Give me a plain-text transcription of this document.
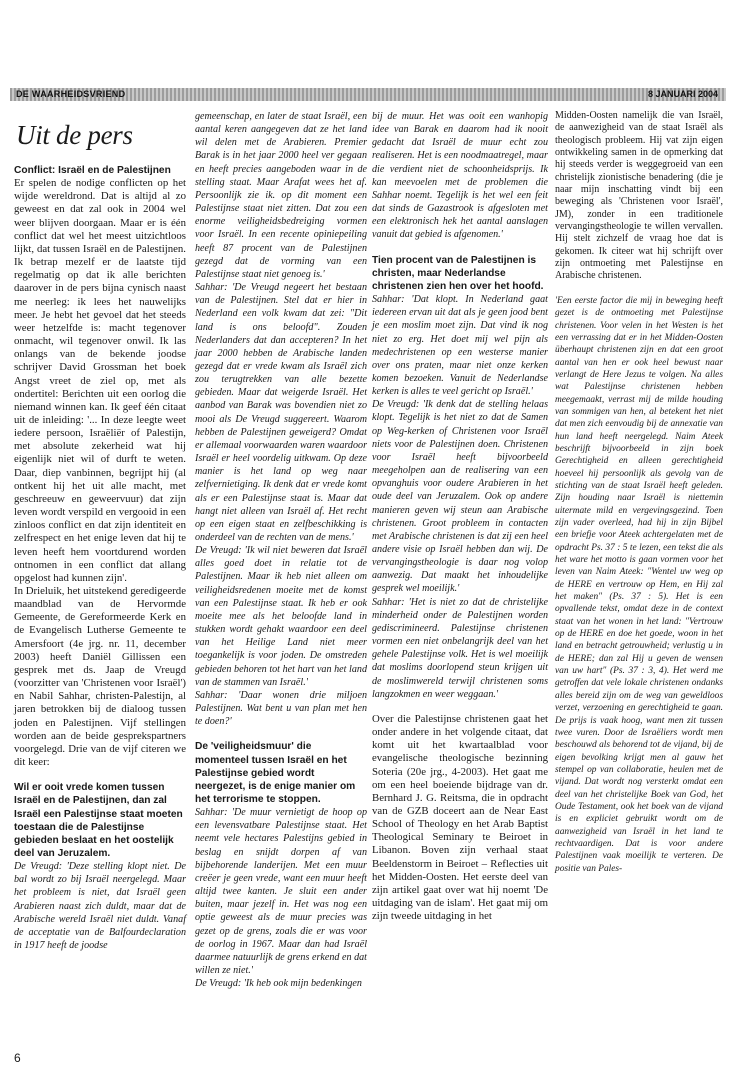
DE WAARHEIDSVRIEND	8 JANUARI 2004
Uit de pers
Conflict: Israël en de Palestijnen

Er spelen de nodige conflicten op het wijde wereldrond. Dat is altijd al zo geweest en dat zal ook in 2004 wel weer blijven doorgaan. Maar er is één conflict dat wel het meest uitzichtloos lijkt, dat tussen Israël en de Palestijnen. Ik betrap mezelf er de laatste tijd regelmatig op dat ik alle berichten daarover in de pers bijna cynisch naast me neerleg: ik lees het nauwelijks meer. Je hebt het gevoel dat het steeds weer hetzelfde is: macht tegenover onmacht, wil tegenover onwil. Ik las onlangs van de bekende joodse schrijver David Grossman het boek Angst vreet de ziel op, met als ondertitel: Berichten uit een oorlog die niemand winnen kan. Ik geef één citaat uit de inleiding: '... In deze leegte weet iedere persoon, Israëliër of Palestijn, met absolute zekerheid wat hij eigenlijk niet wil of durft te weten. Daar, diep vanbinnen, begrijpt hij (al ontkent hij het uit alle macht, met geschreeuw en geweervuur) dat zijn leven wordt verspild en vergooid in een zinloos conflict en dat zijn identiteit en zelfrespect en het enige leven dat hij te leven heeft hem voortdurend worden ontnomen in een conflict dat allang opgelost had kunnen zijn'.

In Drieluik, het uitstekend geredigeerde maandblad van de Hervormde Gemeente, de Gereformeerde Kerk en de Evangelisch Lutherse Gemeente te Amersfoort (4e jrg. nr. 11, december 2003) heeft Daniël Gillissen een gesprek met ds. Jaap de Vreugd (voorzitter van 'Christenen voor Israël') en Nabil Sahhar, christen-Palestijn, al jaren betrokken bij de dialoog tussen joden en Palestijnen. Vijf stellingen worden aan de beide gesprekspartners voorgelegd. Drie van de vijf citeren we dit keer:

Wil er ooit vrede komen tussen Israël en de Palestijnen, dan zal Israël een Palestijnse staat moeten toestaan die de Palestijnse gebieden beslaat en het oostelijk deel van Jeruzalem.

De Vreugd: 'Deze stelling klopt niet. De bal wordt zo bij Israël neergelegd. Maar het probleem is niet, dat Israël geen Arabieren naast zich duldt, maar dat de Arabische wereld Israël niet duldt. Vanaf de acceptatie van de Balfourdeclaration in 1917 heeft de joodse

gemeenschap, en later de staat Israël, een aantal keren aangegeven dat ze het land wil delen met de Arabieren. Premier Barak is in het jaar 2000 heel ver gegaan en heeft precies aangeboden waar in de stelling staat. Maar Arafat wees het af. Persoonlijk zie ik. op dit moment een Palestijnse staat niet zitten. Dat zou een enorme veiligheidsbedreiging vormen voor Israël. In een recente opiniepeiling heeft 87 procent van de Palestijnen gezegd dat de vorming van een Palestijnse staat niet genoeg is.'

Sahhar: 'De Vreugd negeert het bestaan van de Palestijnen. Stel dat er hier in Nederland een volk kwam dat zei: "Dit land is ons beloofd". Zouden Nederlanders dat dan accepteren? In het jaar 2000 hebben de Arabische landen gezegd dat er vrede kwam als Israël zich zou terugtrekken van alle bezette gebieden. Maar dat weigerde Israël. Het aanbod van Barak was bovendien niet zo mooi als De Vreugd suggereert. Waarom hebben de Palestijnen geweigerd? Omdat er allemaal voorwaarden waren waardoor Israël er heel voordelig uitkwam. Op deze manier is het land op weg naar zelfvernietiging. Ik denk dat er vrede komt als er een Palestijnse staat is. Maar dat hangt niet alleen van Israël af. Het recht op een eigen staat en zelfbeschikking is onderdeel van de rechten van de mens.'

De Vreugd: 'Ik wil niet beweren dat Israël alles goed doet in relatie tot de Palestijnen. Maar ik heb niet alleen om veiligheidsredenen moeite met de komst van een Palestijnse staat. Ik heb er ook moeite mee als het beloofde land in stukken wordt gehakt waardoor een deel van het Heilige Land niet meer toegankelijk is voor joden. De omstreden gebieden behoren tot het hart van het land van de stammen van Israël.'

Sahhar: 'Daar wonen drie miljoen Palestijnen. Wat bent u van plan met hen te doen?'

De 'veiligheidsmuur' die momenteel tussen Israël en het Palestijnse gebied wordt neergezet, is de enige manier om het terrorisme te stoppen.

Sahhar: 'De muur vernietigt de hoop op een levensvatbare Palestijnse staat. Het neemt vele hectares Palestijns gebied in beslag en snijdt dorpen af van bijbehorende landerijen. Met een muur creëer je geen vrede, want een muur heeft altijd twee kanten. Je sluit een ander buiten, maar jezelf in. Het was nog een optie geweest als de muur precies was gezet op de grens, zoals die er was voor de oorlog in 1967. Maar dan had Israël daarmee natuurlijk de grens erkend en dat willen ze niet.'

De Vreugd: 'Ik heb ook mijn bedenkingen

bij de muur. Het was ooit een wanhopig idee van Barak en daarom had ik nooit gedacht dat Israël de muur echt zou realiseren. Het is een noodmaatregel, maar die verdient niet de schoonheidsprijs. Ik kan meevoelen met de problemen die Sahhar noemt. Tegelijk is het wel een feit dat sinds de Gazastrook is afgesloten met een elektronisch hek het aantal aanslagen vanuit dat gebied is afgenomen.'

Tien procent van de Palestijnen is christen, maar Nederlandse christenen zien hen over het hoofd.

Sahhar: 'Dat klopt. In Nederland gaat iedereen ervan uit dat als je geen jood bent je een moslim moet zijn. Dat vind ik nog niet zo erg. Het doet mij wel pijn als medechristenen op een westerse manier over ons praten, maar niet onze kerken komen bezoeken. Vanuit de Nederlandse kerken is alles te veel gericht op Israël.'

De Vreugd: 'Ik denk dat de stelling helaas klopt. Tegelijk is het niet zo dat de Samen op Weg-kerken of Christenen voor Israël niets voor de Palestijnen doen. Christenen voor Israël heeft bijvoorbeeld meegeholpen aan de realisering van een opvanghuis voor oudere Arabieren in het oude deel van Jeruzalem. Ook op andere manieren geven wij steun aan Arabische christenen. Groot probleem in contacten met Arabische christenen is dat zij een heel andere visie op Israël hebben dan wij. De vervangingstheologie is daar nog volop aanwezig. Dat maakt het inhoudelijke gesprek wel moeilijk.'

Sahhar: 'Het is niet zo dat de christelijke minderheid onder de Palestijnen worden gediscrimineerd. Palestijnse christenen vormen een niet onbelangrijk deel van het gehele Palestijnse volk. Het is wel moeilijk dat moslims doorlopend steun krijgen uit de moslimwereld terwijl christenen soms langzokmen en weer weggaan.'

Over die Palestijnse christenen gaat het onder andere in het volgende citaat, dat komt uit het kwartaalblad voor evangelische theologische bezinning Soteria (20e jrg., 4-2003). Het gaat me om een heel boeiende bijdrage van dr. Bernhard J. G. Reitsma, die in opdracht van de GZB doceert aan de Near East School of Theology en het Arab Baptist Theological Seminary te Beiroet in Libanon. Boven zijn verhaal staat Beeldenstorm in Beiroet – Reflecties uit het Midden-Oosten. Het eerste deel van zijn artikel gaat over wat hij noemt 'De uitdaging van de islam'. Het gaat mij om zijn tweede uitdaging in het

Midden-Oosten namelijk die van Israël, de aanwezigheid van de staat Israël als theologisch probleem. Hij vat zijn eigen ontwikkeling samen in de opmerking dat hij steeds verder is weggegroeid van een christelijk zionistische benadering (die je naar mijn inschatting vindt bij een beweging als 'Christenen voor Israël', JM), zonder in een traditionele vervangingstheologie te willen vervallen. Hij stelt zichzelf de vraag hoe dat is gekomen. Ik citeer wat hij schrijft over zijn ontmoeting met Palestijnse en Arabische christenen.

'Een eerste factor die mij in beweging heeft gezet is de ontmoeting met Palestijnse christenen. Voor velen in het Westen is het een verrassing dat er in het Midden-Oosten überhaupt christenen zijn en dat een groot aantal van hen er ook heel bewust naar verlangt de Here Jezus te volgen. Na alles wat Palestijnse christenen hebben meegemaakt, verrast mij de milde houding van sommigen van hen, al betekent het niet dat men zich eenvoudig bij de annexatie van hun land heeft neergelegd. Naim Ateek beschrijft bijvoorbeeld in zijn boek Gerechtigheid en alleen gerechtigheid hoeveel hij persoonlijk als gevolg van de stichting van de staat Israël heeft geleden. Zijn houding naar Israël is niettemin uitermate mild en vergevingsgezind. Toen zijn vader overleed, had hij in zijn Bijbel een briefje voor Ateek achtergelaten met de opdracht Ps. 37 : 5 te lezen, een tekst die als het ware het motto is gaan vormen voor het leven van Naim Ateek: "Wentel uw weg op de HERE en vertrouw op Hem, en Hij zal het maken" (Ps. 37 : 5). Het is een opvallende tekst, omdat deze in de context staat van het wonen in het land: "Vertrouw op de HERE en doe het goede, woon in het land en betracht getrouwheid; verlustig u in de HERE; dan zal Hij u geven de wensen van uw hart" (Ps. 37 : 3, 4). Het werd me getroffen dat vele lokale christenen ondanks alles bereid zijn om de weg van geweldloos verzet, verzoening en gerechtigheid te gaan. De prijs is vaak hoog, want men zit tussen twee vuren. Door de Israëliers wordt men beschouwd als behorend tot de vijand, bij de eigen bevolking krijgt men al gauw het stempel op van collaboratie, heulen met de vijand. Dat wordt nog versterkt omdat een deel van het christelijke Boek van God, het Oude Testament, ook het boek van de vijand is en expliciet gebruikt wordt om de aanwezigheid van Israël in het land te rechtvaardigen. Dat is voor andere Palestijnen vaak moeilijk te verteren. De positie van Pales-

6
